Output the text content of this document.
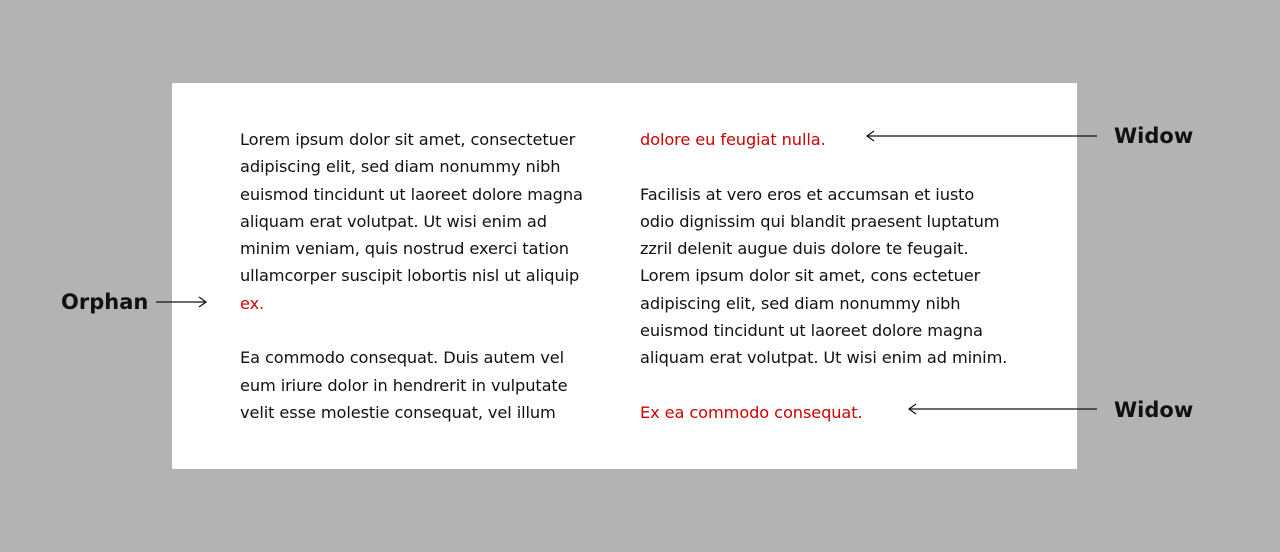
Lorem ipsum dolor sit amet, consectetuer
adipiscing elit, sed diam nonummy nibh
euismod tincidunt ut laoreet dolore magna
aliquam erat volutpat. Ut wisi enim ad
minim veniam, quis nostrud exerci tation
ullamcorper suscipit lobortis nisl ut aliquip
ex.
Ea commodo consequat. Duis autem vel
eum iriure dolor in hendrerit in vulputate
velit esse molestie consequat, vel illum
dolore eu feugiat nulla.
Facilisis at vero eros et accumsan et iusto
odio dignissim qui blandit praesent luptatum
zzril delenit augue duis dolore te feugait.
Lorem ipsum dolor sit amet, cons ectetuer
adipiscing elit, sed diam nonummy nibh
euismod tincidunt ut laoreet dolore magna
aliquam erat volutpat. Ut wisi enim ad minim.
Ex ea commodo consequat.
Orphan
Widow
Widow
